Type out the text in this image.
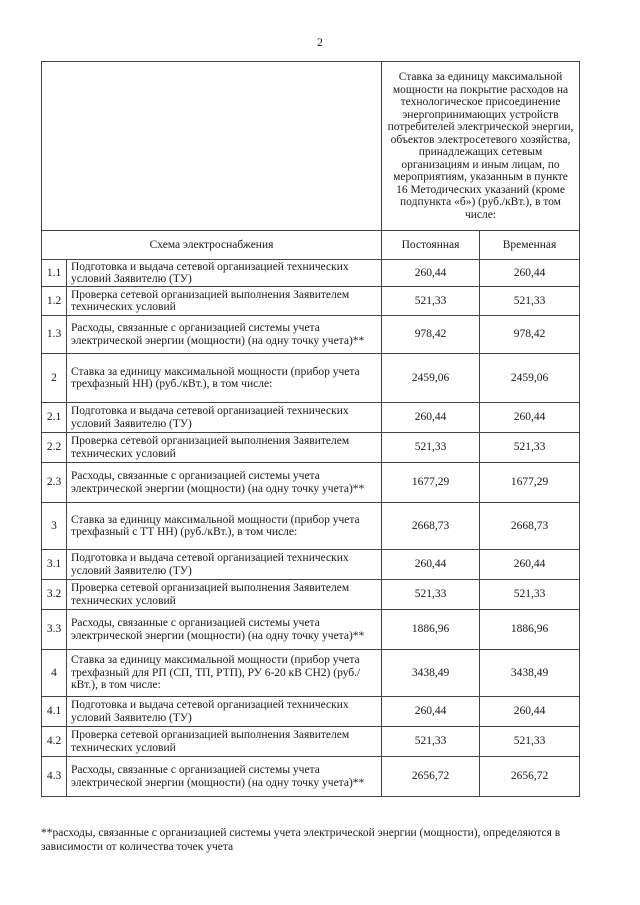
2
		Ставка за единицу максимальной мощности на покрытие расходов на технологическое присоединение энергопринимающих устройств потребителей электрической энергии, объектов электросетевого хозяйства, принадлежащих сетевым организациям и иным лицам, по мероприятиям, указанным в пункте 16 Методических указаний (кроме подпункта «б») (руб./кВт.), в том числе:	
Схема электроснабжения		Постоянная	Временная
1.1	Подготовка и выдача сетевой организацией технических условий Заявителю (ТУ)	260,44	260,44
1.2	Проверка сетевой организацией выполнения Заявителем технических условий	521,33	521,33
1.3	Расходы, связанные с организацией системы учета электрической энергии (мощности) (на одну точку учета)**	978,42	978,42
2	Ставка за единицу максимальной мощности (прибор учета трехфазный НН) (руб./кВт.), в том числе:	2459,06	2459,06
2.1	Подготовка и выдача сетевой организацией технических условий Заявителю (ТУ)	260,44	260,44
2.2	Проверка сетевой организацией выполнения Заявителем технических условий	521,33	521,33
2.3	Расходы, связанные с организацией системы учета электрической энергии (мощности) (на одну точку учета)**	1677,29	1677,29
3	Ставка за единицу максимальной мощности (прибор учета трехфазный с ТТ НН) (руб./кВт.), в том числе:	2668,73	2668,73
3.1	Подготовка и выдача сетевой организацией технических условий Заявителю (ТУ)	260,44	260,44
3.2	Проверка сетевой организацией выполнения Заявителем технических условий	521,33	521,33
3.3	Расходы, связанные с организацией системы учета электрической энергии (мощности) (на одну точку учета)**	1886,96	1886,96
4	Ставка за единицу максимальной мощности (прибор учета трехфазный для РП (СП, ТП, РТП), РУ 6-20 кВ СН2) (руб./кВт.), в том числе:	3438,49	3438,49
4.1	Подготовка и выдача сетевой организацией технических условий Заявителю (ТУ)	260,44	260,44
4.2	Проверка сетевой организацией выполнения Заявителем технических условий	521,33	521,33
4.3	Расходы, связанные с организацией системы учета электрической энергии (мощности) (на одну точку учета)**	2656,72	2656,72
**расходы, связанные с организацией системы учета электрической энергии (мощности), определяются в зависимости от количества точек учета
